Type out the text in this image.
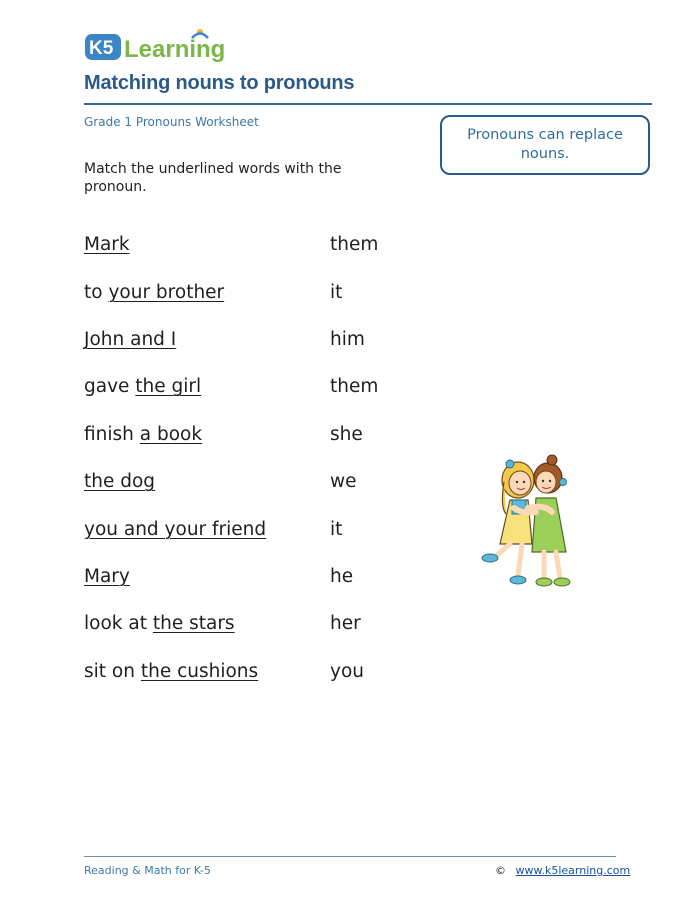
K5 Learning
Matching nouns to pronouns
Grade 1 Pronouns Worksheet
Pronouns can replace nouns.
Match the underlined words with the pronoun.
Mark	them
to your brother	it
John and I	him
gave the girl	them
finish a book	she
the dog	we
you and your friend	it
Mary	he
look at the stars	her
sit on the cushions	you
Reading & Math for K-5	© www.k5learning.com
